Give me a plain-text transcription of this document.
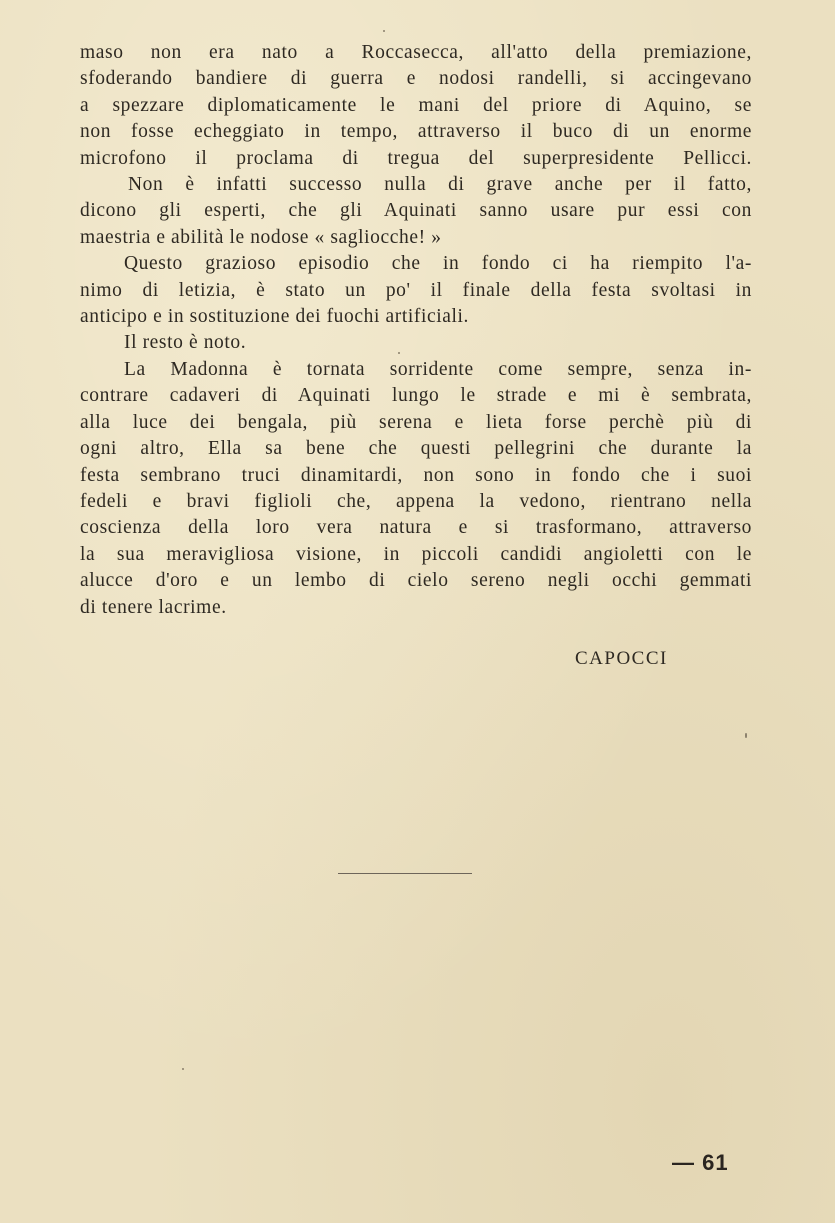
maso non era nato a Roccasecca, all'atto della premiazione,
sfoderando bandiere di guerra e nodosi randelli, si accingevano
a spezzare diplomaticamente le mani del priore di Aquino, se
non fosse echeggiato in tempo, attraverso il buco di un enorme
microfono il proclama di tregua del superpresidente Pellicci.
Non è infatti successo nulla di grave anche per il fatto,
dicono gli esperti, che gli Aquinati sanno usare pur essi con
maestria e abilità le nodose « sagliocche! »
Questo grazioso episodio che in fondo ci ha riempito l'a-
nimo di letizia, è stato un po' il finale della festa svoltasi in
anticipo e in sostituzione dei fuochi artificiali.
Il resto è noto.
La Madonna è tornata sorridente come sempre, senza in-
contrare cadaveri di Aquinati lungo le strade e mi è sembrata,
alla luce dei bengala, più serena e lieta forse perchè più di
ogni altro, Ella sa bene che questi pellegrini che durante la
festa sembrano truci dinamitardi, non sono in fondo che i suoi
fedeli e bravi figlioli che, appena la vedono, rientrano nella
coscienza della loro vera natura e si trasformano, attraverso
la sua meravigliosa visione, in piccoli candidi angioletti con le
alucce d'oro e un lembo di cielo sereno negli occhi gemmati
di tenere lacrime.
CAPOCCI
— 61
